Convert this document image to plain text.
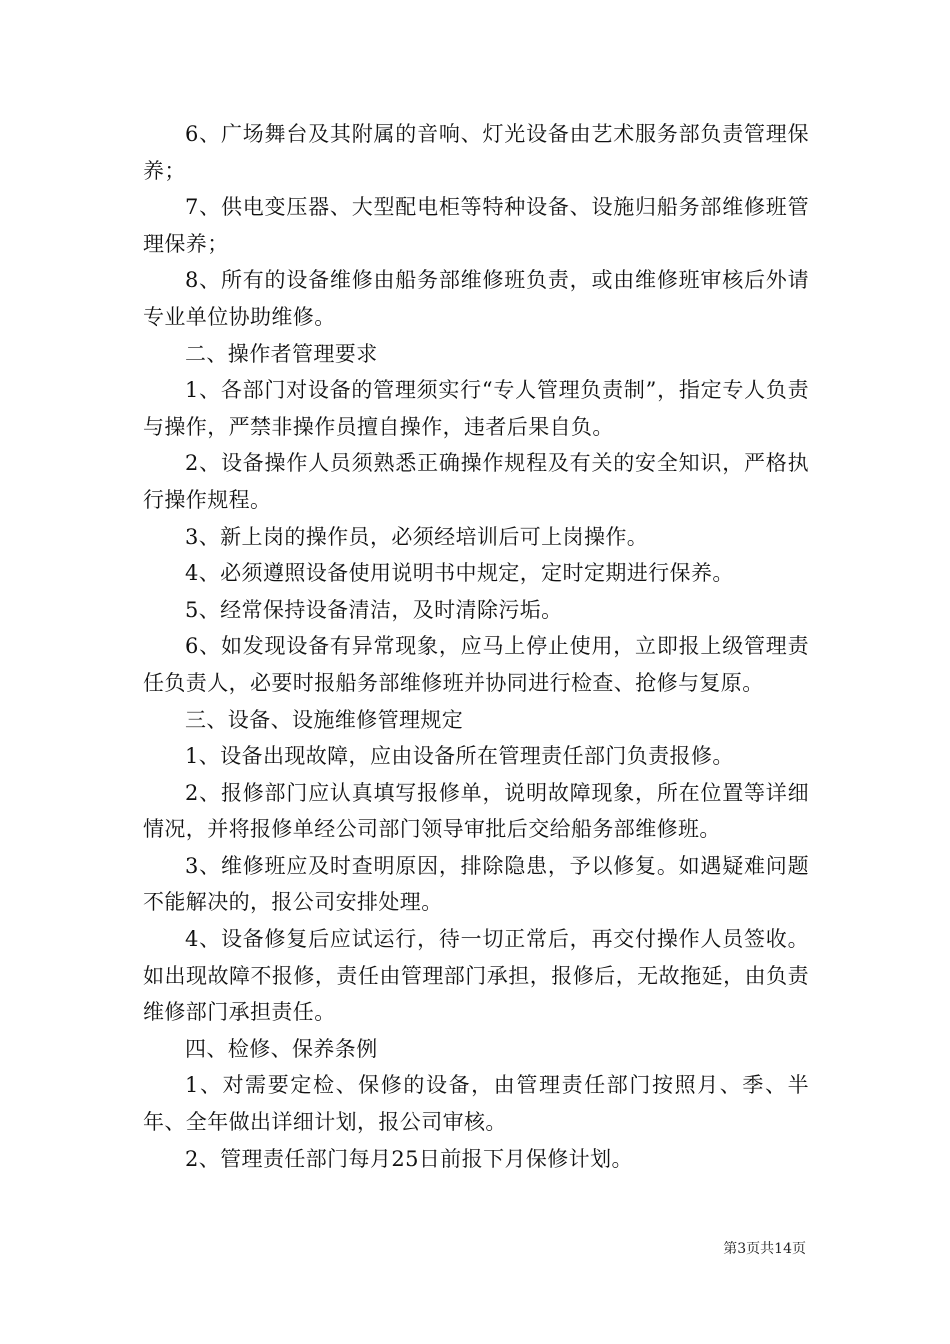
6、广场舞台及其附属的音响、灯光设备由艺术服务部负责管理保养；

7、供电变压器、大型配电柜等特种设备、设施归船务部维修班管理保养；

8、所有的设备维修由船务部维修班负责，或由维修班审核后外请专业单位协助维修。

二、操作者管理要求

1、各部门对设备的管理须实行“专人管理负责制”，指定专人负责与操作，严禁非操作员擅自操作，违者后果自负。

2、设备操作人员须熟悉正确操作规程及有关的安全知识，严格执行操作规程。

3、新上岗的操作员，必须经培训后可上岗操作。

4、必须遵照设备使用说明书中规定，定时定期进行保养。

5、经常保持设备清洁，及时清除污垢。

6、如发现设备有异常现象，应马上停止使用，立即报上级管理责任负责人，必要时报船务部维修班并协同进行检查、抢修与复原。

三、设备、设施维修管理规定

1、设备出现故障，应由设备所在管理责任部门负责报修。

2、报修部门应认真填写报修单，说明故障现象，所在位置等详细情况，并将报修单经公司部门领导审批后交给船务部维修班。

3、维修班应及时查明原因，排除隐患，予以修复。如遇疑难问题不能解决的，报公司安排处理。

4、设备修复后应试运行，待一切正常后，再交付操作人员签收。如出现故障不报修，责任由管理部门承担，报修后，无故拖延，由负责维修部门承担责任。

四、检修、保养条例

1、对需要定检、保修的设备，由管理责任部门按照月、季、半年、全年做出详细计划，报公司审核。

2、管理责任部门每月25日前报下月保修计划。

第3页共14页
